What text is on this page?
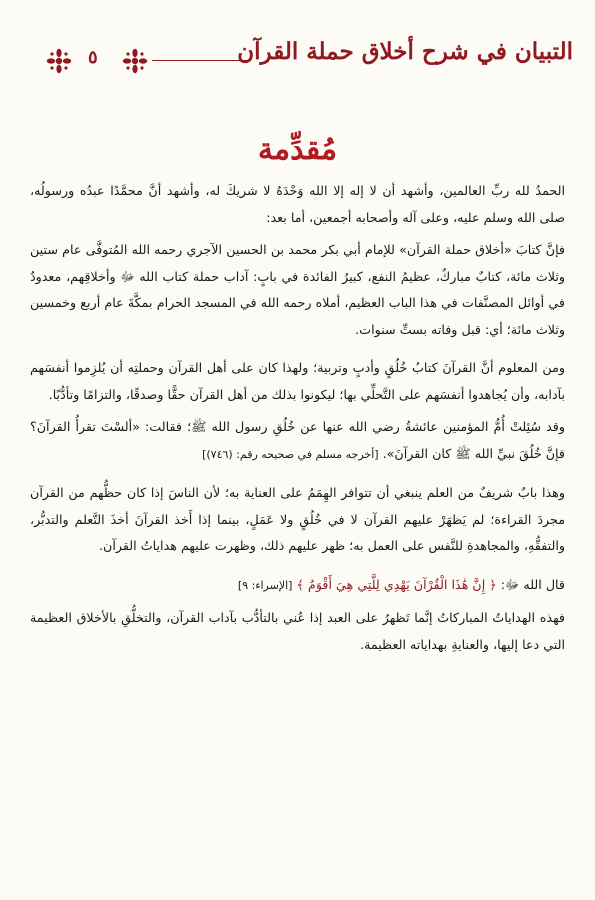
التبيان في شرح أخلاق حملة القرآن
٥
مُقدِّمة

الحمدُ لله ربِّ العالمين، وأشهد أن لا إله إلا الله وَحْدَهُ لا شريكَ له، وأشهد أنَّ محمَّدًا عبدُه ورسولُه، صلى الله وسلم عليه، وعلى آله وأصحابه أجمعين، أما بعد:

فإنَّ كتابَ «أخلاق حملة القرآن» للإمام أبي بكر محمد بن الحسين الآجري رحمه الله المُتوفَّى عام ستين وثلاث مائة، كتابٌ مباركٌ، عظيمُ النفع، كبيرُ الفائدة في بابٍ: آداب حملة كتاب الله ﷻ وأخلاقِهم، معدودٌ في أوائل المصنَّفات في هذا الباب العظيم، أملاه رحمه الله في المسجد الحرام بمكَّةَ عام أربع وخمسين وثلاث مائة؛ أي: قبل وفاته بستِّ سنوات.

ومن المعلوم أنَّ القرآنَ كتابُ خُلُقٍ وأدبٍ وتربية؛ ولهذا كان على أهل القرآن وحملتِه أن يُلزِموا أنفسَهم بآدابه، وأن يُجاهدوا أنفسَهم على التَّحلِّي بها؛ ليكونوا بذلك من أهل القرآن حقًّا وصدقًا، والتزامًا وتأدُّبًا.

وقد سُئِلتْ أُمُّ المؤمنين عائشةُ رضي الله عنها عن خُلُقِ رسول الله ﷺ؛ فقالت: «ألسْتَ تقرأُ القرآنَ؟ فإنَّ خُلُقَ نبيِّ الله ﷺ كان القرآنَ». [أخرجه مسلم في صحيحه رقم: (٧٤٦)]

وهذا بابٌ شريفٌ من العلم ينبغي أن تتوافر الهِمَمُ على العناية به؛ لأن الناسَ إذا كان حظُّهم من القرآن مجردَ القراءة؛ لم يَظهَرْ عليهم القرآن لا في خُلُقٍ ولا عَمَلٍ، بينما إذا أَخذ القرآنَ أخذَ التَّعلم والتدبُّر، والتفقُّهِ، والمجاهدةِ للنَّفس على العمل به؛ ظهر عليهم ذلك، وظهرت عليهم هداياتُ القرآن.

قال الله ﷻ: ﴿ إِنَّ هَٰذَا الْقُرْآنَ يَهْدِي لِلَّتِي هِيَ أَقْوَمُ ﴾ [الإسراء: ٩]

فهذه الهداياتُ المباركاتُ إنَّما تَظهرُ على العبد إذا عُني بالتأدُّب بآداب القرآن، والتخلُّقِ بالأخلاق العظيمة التي دعا إليها، والعنايةِ بهداياته العظيمة.
